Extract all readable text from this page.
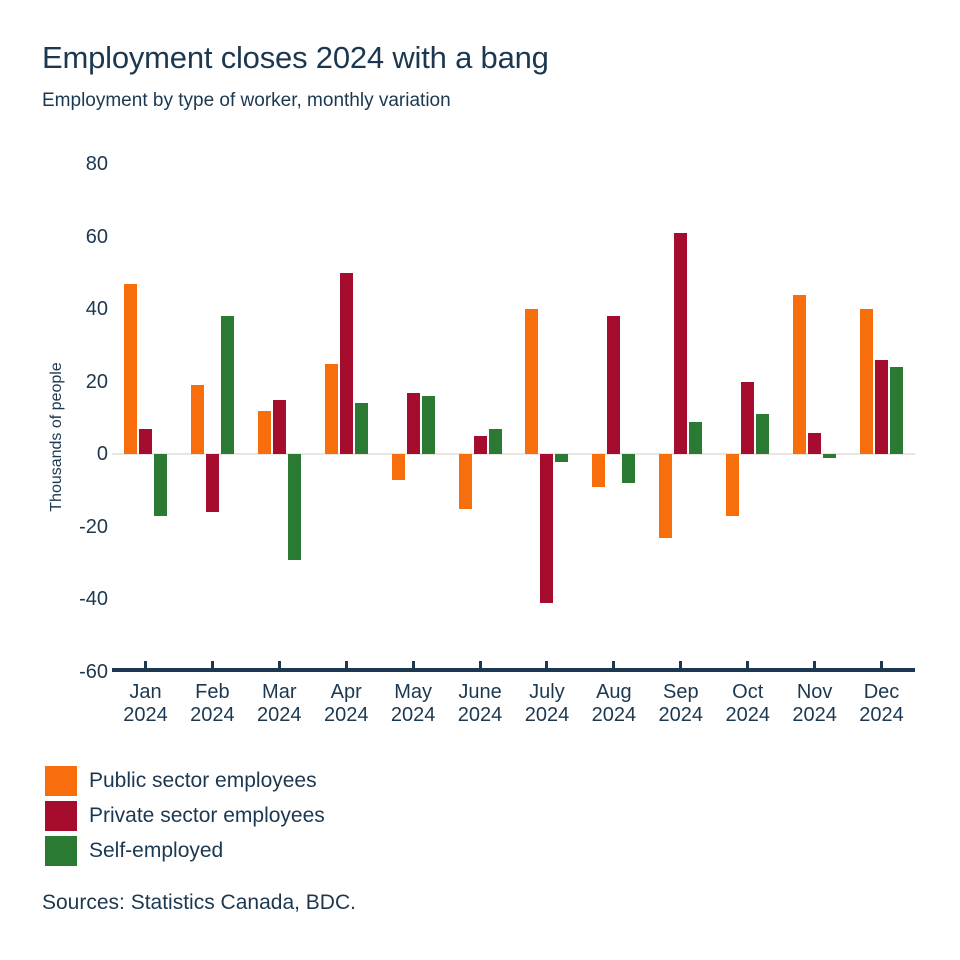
Employment closes 2024 with a bang
Employment by type of worker, monthly variation
Thousands of people
Public sector employees
Private sector employees
Self-employed
Sources: Statistics Canada, BDC.
80
60
40
20
0
-20
-40
-60
Jan
2024
Feb
2024
Mar
2024
Apr
2024
May
2024
June
2024
July
2024
Aug
2024
Sep
2024
Oct
2024
Nov
2024
Dec
2024
